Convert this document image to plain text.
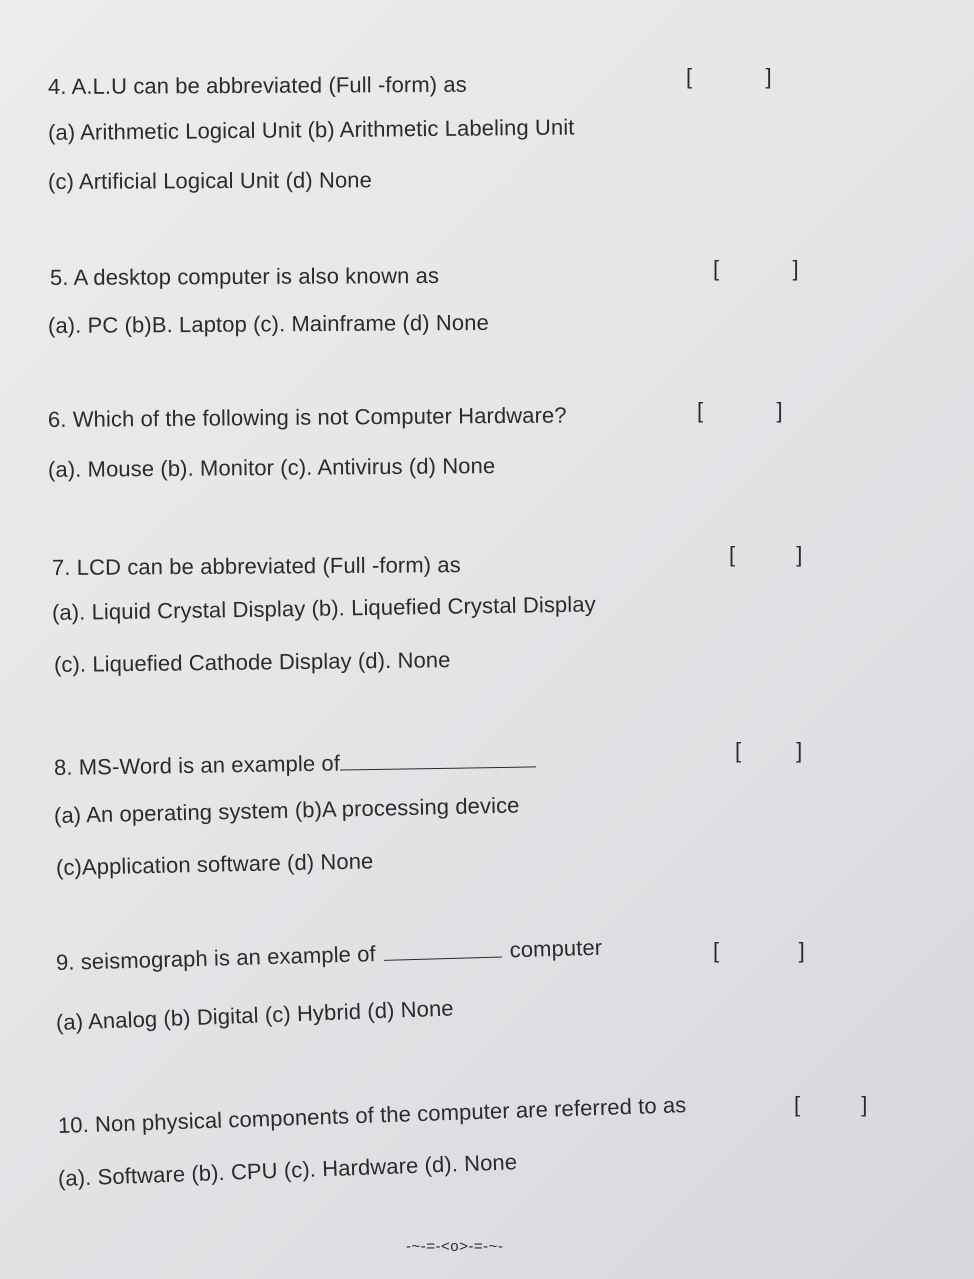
4. A.L.U can be abbreviated (Full -form) as	[            ]
(a) Arithmetic Logical Unit (b) Arithmetic Labeling Unit
(c) Artificial Logical Unit (d) None
5. A desktop computer is also known as	[            ]
(a). PC (b)B. Laptop (c). Mainframe (d) None
6. Which of the following is not Computer Hardware?	[            ]
(a). Mouse (b). Monitor (c). Antivirus (d) None
7. LCD can be abbreviated (Full -form) as	[          ]
(a). Liquid Crystal Display (b). Liquefied Crystal Display
(c). Liquefied Cathode Display (d). None
8. MS-Word is an example of
[         ]
(a) An operating system (b)A processing device
(c)Application software (d) None
9. seismograph is an example of	computer	[             ]
(a) Analog (b) Digital (c) Hybrid (d) None
10. Non physical components of the computer are referred to as	[          ]
(a). Software (b). CPU (c). Hardware (d). None
-~-=-<o>-=-~-
